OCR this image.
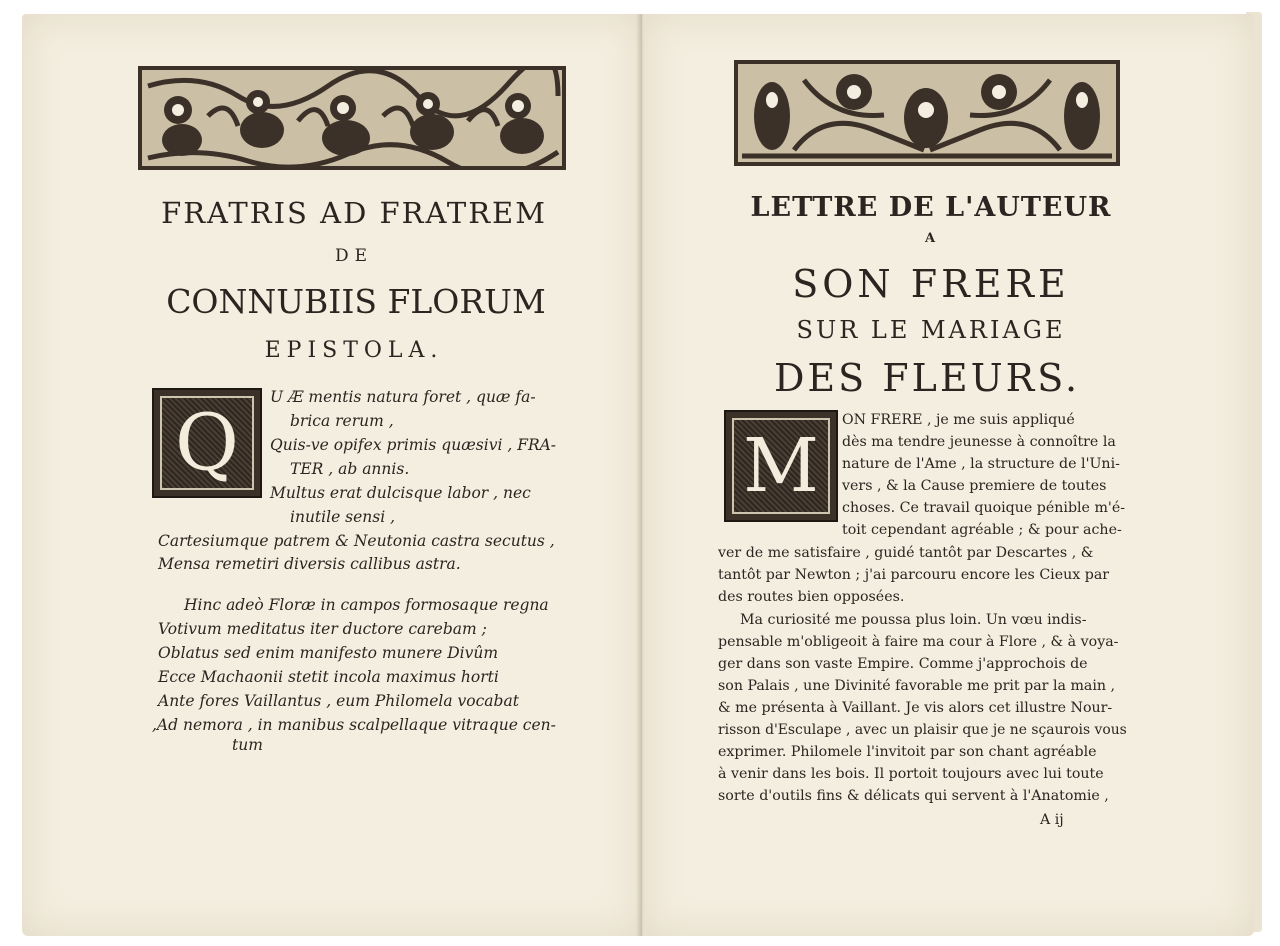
FRATRIS AD FRATREM
DE
CONNUBIIS FLORUM
EPISTOLA.
Q
U Æ mentis natura foret , quæ fa-
brica rerum ,
Quis-ve opifex primis quæsivi , FRA-
TER , ab annis.
Multus erat dulcisque labor , nec
inutile sensi ,
Cartesiumque patrem & Neutonia castra secutus ,
Mensa remetiri diversis callibus astra.
Hinc adeò Floræ in campos formosaque regna
Votivum meditatus iter ductore carebam ;
Oblatus sed enim manifesto munere Divûm
Ecce Machaonii stetit incola maximus horti
Ante fores Vaillantus , eum Philomela vocabat
,Ad nemora , in manibus scalpellaque vitraque cen-
tum
LETTRE DE L'AUTEUR
A
SON FRERE
SUR LE MARIAGE
DES FLEURS.
M
ON FRERE , je me suis appliqué
dès ma tendre jeunesse à connoître la
nature de l'Ame , la structure de l'Uni-
vers , & la Cause premiere de toutes
choses. Ce travail quoique pénible m'é-
toit cependant agréable ; & pour ache-
ver de me satisfaire , guidé tantôt par Descartes , &
tantôt par Newton ; j'ai parcouru encore les Cieux par
des routes bien opposées.
Ma curiosité me poussa plus loin. Un vœu indis-
pensable m'obligeoit à faire ma cour à Flore , & à voya-
ger dans son vaste Empire. Comme j'approchois de
son Palais , une Divinité favorable me prit par la main ,
& me présenta à Vaillant. Je vis alors cet illustre Nour-
risson d'Esculape , avec un plaisir que je ne sçaurois vous
exprimer. Philomele l'invitoit par son chant agréable
à venir dans les bois. Il portoit toujours avec lui toute
sorte d'outils fins & délicats qui servent à l'Anatomie ,
A ij
